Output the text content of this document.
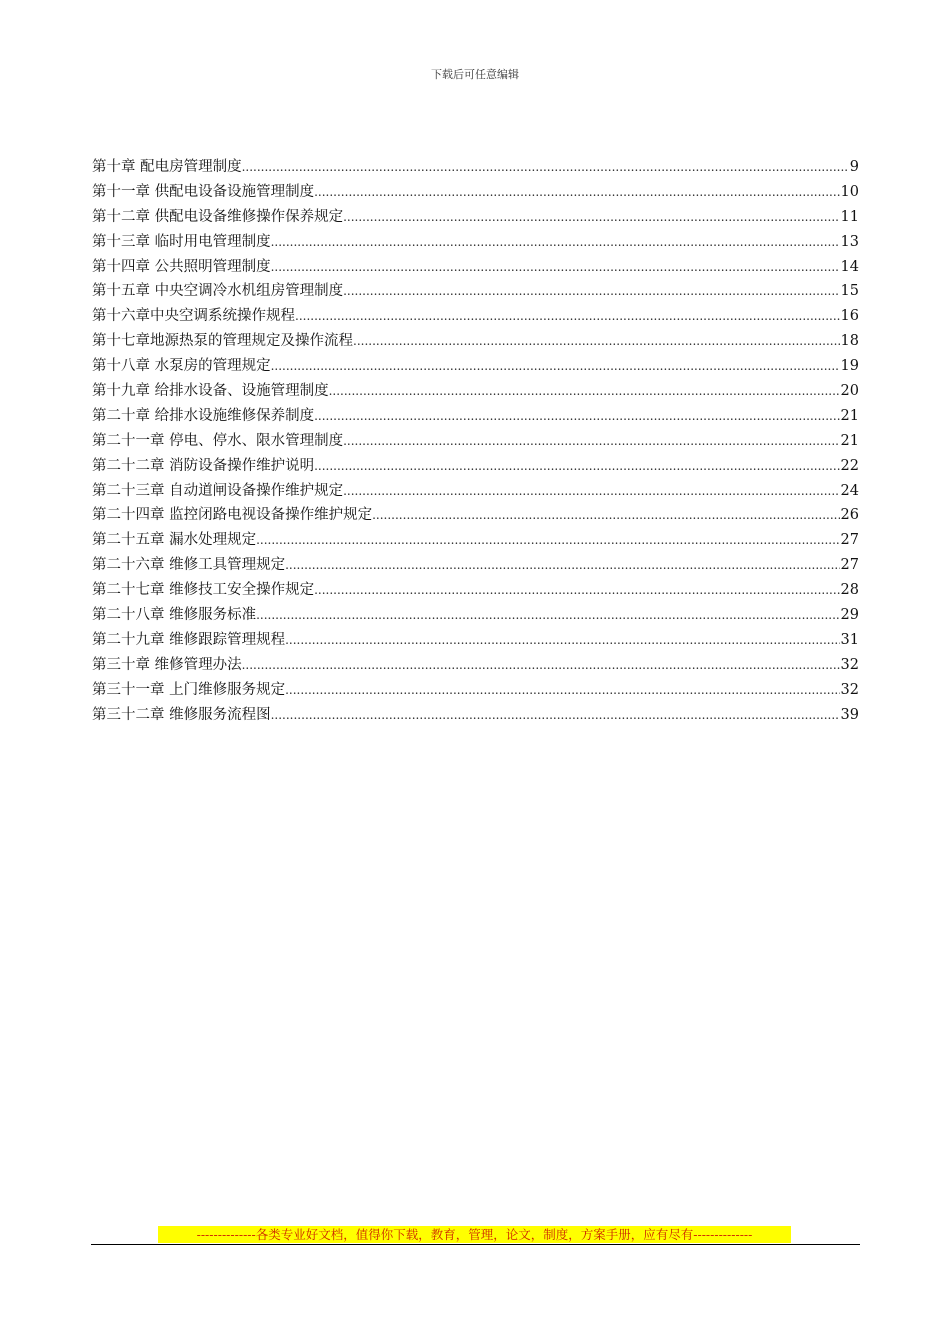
下载后可任意编辑
第十章 配电房管理制度 .....	9
第十一章 供配电设备设施管理制度 .....	10
第十二章 供配电设备维修操作保养规定 .....	11
第十三章 临时用电管理制度 .....	13
第十四章 公共照明管理制度 .....	14
第十五章 中央空调冷水机组房管理制度 .....	15
第十六章中央空调系统操作规程 .....	16
第十七章地源热泵的管理规定及操作流程 .....	18
第十八章 水泵房的管理规定 .....	19
第十九章 给排水设备、设施管理制度 .....	20
第二十章 给排水设施维修保养制度 .....	21
第二十一章 停电、停水、限水管理制度 .....	21
第二十二章 消防设备操作维护说明 .....	22
第二十三章 自动道闸设备操作维护规定 .....	24
第二十四章 监控闭路电视设备操作维护规定 .....	26
第二十五章 漏水处理规定 .....	27
第二十六章 维修工具管理规定 .....	27
第二十七章 维修技工安全操作规定 .....	28
第二十八章 维修服务标准 .....	29
第二十九章 维修跟踪管理规程 .....	31
第三十章 维修管理办法 .....	32
第三十一章 上门维修服务规定 .....	32
第三十二章 维修服务流程图 .....	39
--------------各类专业好文档，值得你下载，教育，管理，论文，制度，方案手册，应有尽有--------------
